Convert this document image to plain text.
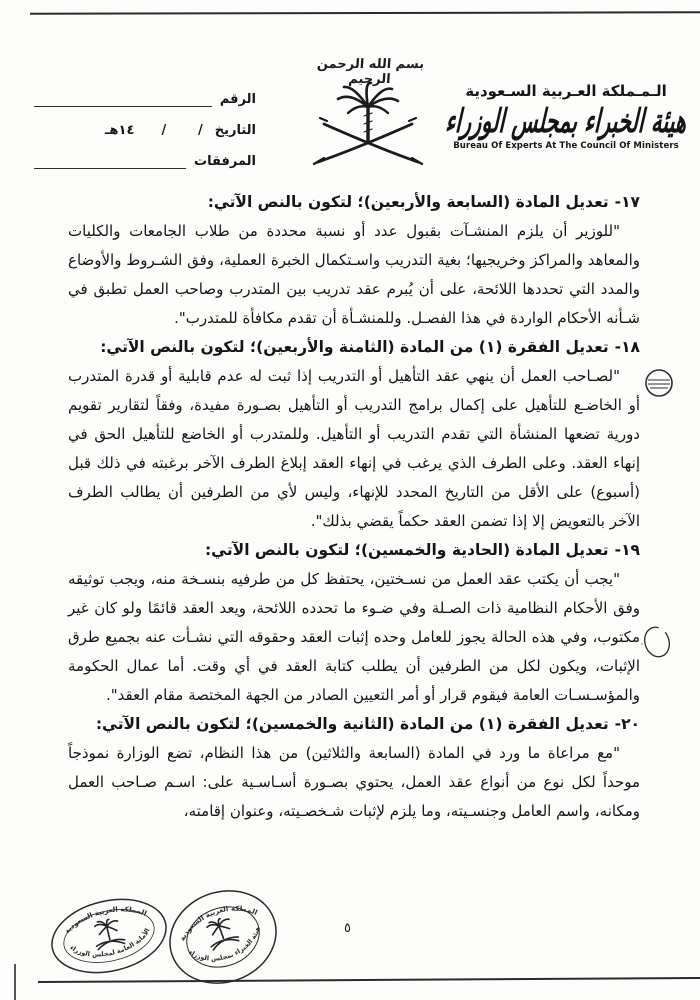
بسم الله الرحمن الرحيم
الـمـملكة العـربية السـعودية
هيئة الخبراء بمجلس الوزراء
Bureau Of Experts At The Council Of Ministers
الرقم
التاريخ
/       /      ١٤هـ
المرفقات
١٧-تعديل المادة (السابعة والأربعين)؛ لتكون بالنص الآتي:

"للوزير أن يلزم المنشـآت بقبول عدد أو نسبة محددة من طلاب الجامعات والكليات والمعاهد والمراكز وخريجيها؛ بغية التدريب واسـتكمال الخبرة العملية، وفق الشـروط والأوضاع والمدد التي تحددها اللائحة، على أن يُبرم عقد تدريب بين المتدرب وصاحب العمل تطبق في شـأنه الأحكام الواردة في هذا الفصـل. وللمنشـأة أن تقدم مكافأة للمتدرب".

١٨-تعديل الفقرة (١) من المادة (الثامنة والأربعين)؛ لتكون بالنص الآتي:

"لصـاحب العمل أن ينهي عقد التأهيل أو التدريب إذا ثبت له عدم قابلية أو قدرة المتدرب أو الخاضـع للتأهيل على إكمال برامج التدريب أو التأهيل بصـورة مفيدة، وفقاً لتقارير تقويم دورية تضعها المنشأة التي تقدم التدريب أو التأهيل. وللمتدرب أو الخاضع للتأهيل الحق في إنهاء العقد. وعلى الطرف الذي يرغب في إنهاء العقد إبلاغ الطرف الآخر برغبته في ذلك قبل (أسبوع) على الأقل من التاريخ المحدد للإنهاء، وليس لأي من الطرفين أن يطالب الطرف الآخر بالتعويض إلا إذا تضمن العقد حكماً يقضي بذلك".

١٩-تعديل المادة (الحادية والخمسين)؛ لتكون بالنص الآتي:

"يجب أن يكتب عقد العمل من نسـختين، يحتفظ كل من طرفيه بنسـخة منه، ويجب توثيقه وفق الأحكام النظامية ذات الصـلة وفي ضـوء ما تحدده اللائحة، ويعد العقد قائمًا ولو كان غير مكتوب، وفي هذه الحالة يجوز للعامل وحده إثبات العقد وحقوقه التي نشـأت عنه بجميع طرق الإثبات، ويكون لكل من الطرفين أن يطلب كتابة العقد في أي وقت. أما عمال الحكومة والمؤسـسـات العامة فيقوم قرار أو أمر التعيين الصادر من الجهة المختصة مقام العقد".

٢٠-تعديل الفقرة (١) من المادة (الثانية والخمسين)؛ لتكون بالنص الآتي:

"مع مراعاة ما ورد في المادة (السابعة والثلاثين) من هذا النظام، تضع الوزارة نموذجاً موحداً لكل نوع من أنواع عقد العمل، يحتوي بصـورة أسـاسـية على: اسـم صـاحب العمل ومكانه، واسم العامل وجنسـيته، وما يلزم لإثبات شـخصـيته، وعنوان إقامته،

٥
المملكة العربية السعودية
الأمانة العامة لمجلس الوزراء
المملكة العربية السعودية
هيئة الخبراء بمجلس الوزراء
